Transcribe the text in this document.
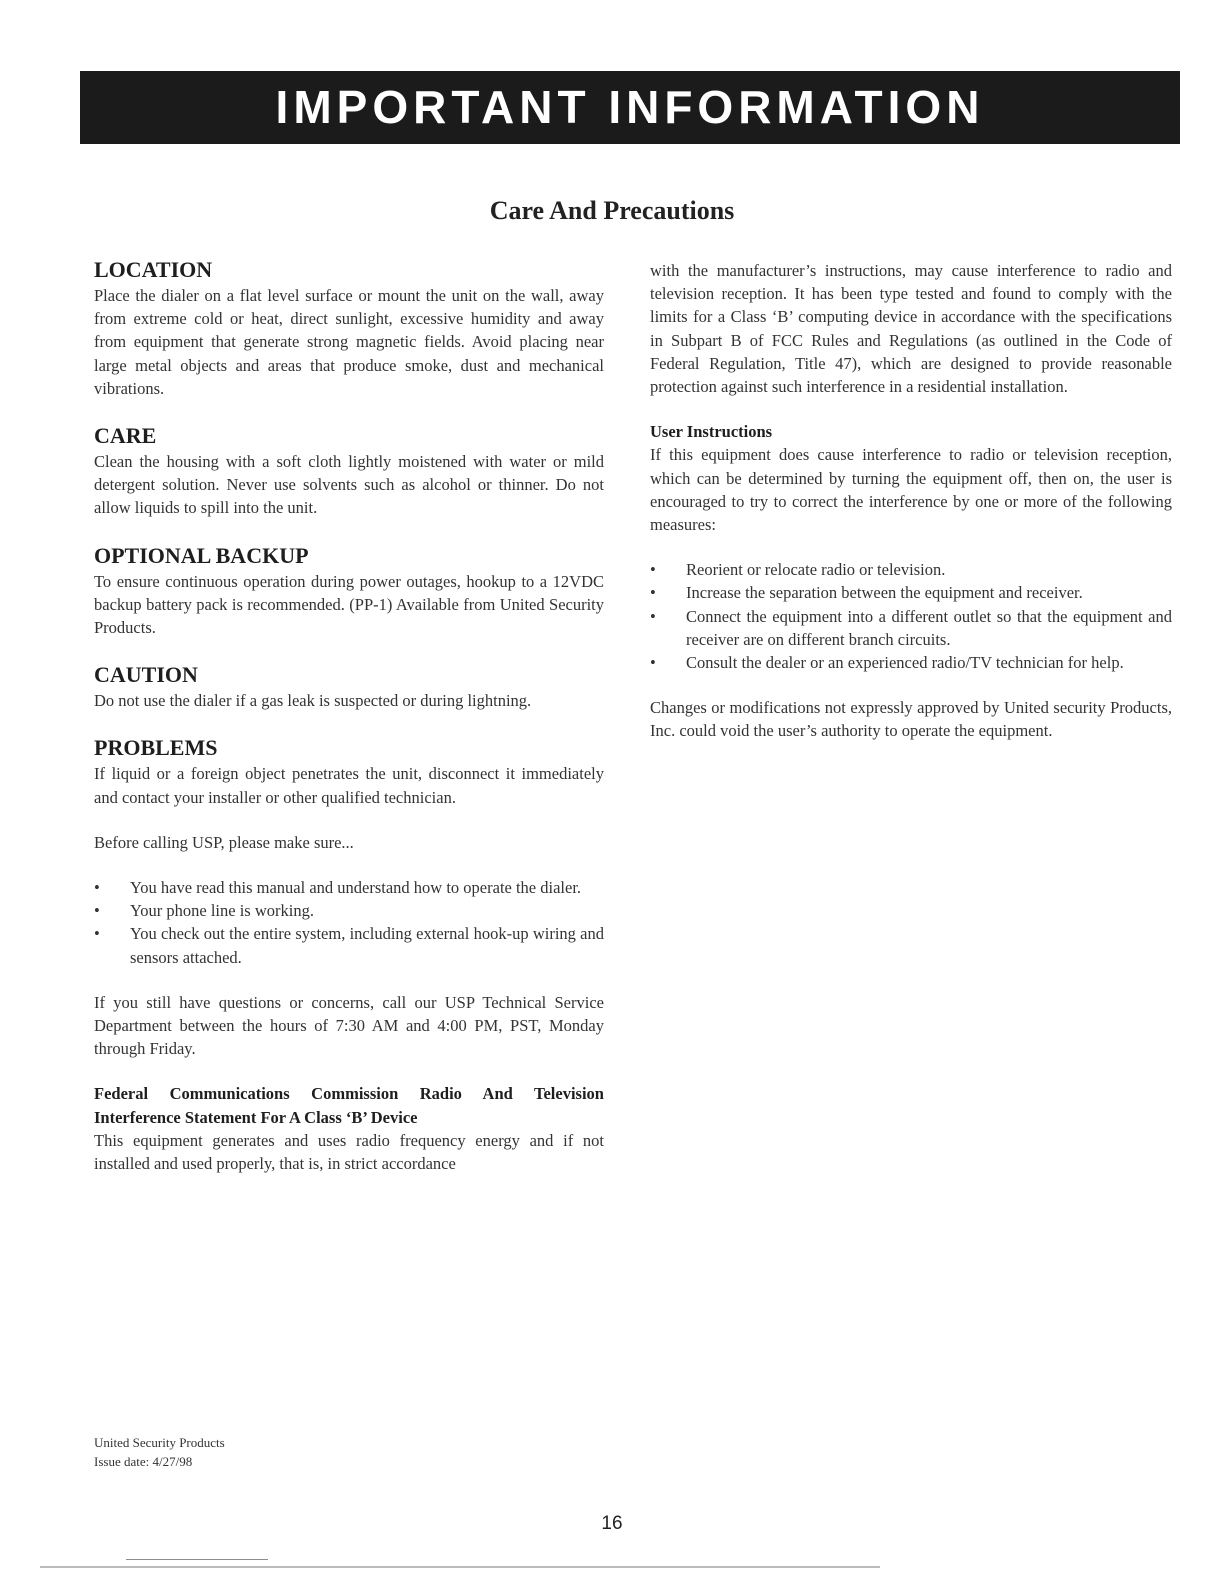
IMPORTANT INFORMATION
Care And Precautions
LOCATION

Place the dialer on a flat level surface or mount the unit on the wall, away from extreme cold or heat, direct sunlight, excessive humidity and away from equipment that generate strong magnetic fields. Avoid placing near large metal objects and areas that produce smoke, dust and mechanical vibrations.

CARE

Clean the housing with a soft cloth lightly moistened with water or mild detergent solution. Never use solvents such as alcohol or thinner. Do not allow liquids to spill into the unit.

OPTIONAL BACKUP

To ensure continuous operation during power outages, hookup to a 12VDC backup battery pack is recommended. (PP-1) Available from United Security Products.

CAUTION

Do not use the dialer if a gas leak is suspected or during lightning.

PROBLEMS

If liquid or a foreign object penetrates the unit, disconnect it immediately and contact your installer or other qualified technician.

Before calling USP, please make sure...

• You have read this manual and understand how to operate the dialer.
• Your phone line is working.
• You check out the entire system, including external hook-up wiring and sensors attached.

If you still have questions or concerns, call our USP Technical Service Department between the hours of 7:30 AM and 4:00 PM, PST, Monday through Friday.

Federal Communications Commission Radio And Television Interference Statement For A Class ‘B’ Device

This equipment generates and uses radio frequency energy and if not installed and used properly, that is, in strict accordance

with the manufacturer’s instructions, may cause interference to radio and television reception. It has been type tested and found to comply with the limits for a Class ‘B’ computing device in accordance with the specifications in Subpart B of FCC Rules and Regulations (as outlined in the Code of Federal Regulation, Title 47), which are designed to provide reasonable protection against such interference in a residential installation.

User Instructions

If this equipment does cause interference to radio or television reception, which can be determined by turning the equipment off, then on, the user is encouraged to try to correct the interference by one or more of the following measures:

• Reorient or relocate radio or television.
• Increase the separation between the equipment and receiver.
• Connect the equipment into a different outlet so that the equipment and receiver are on different branch circuits.
• Consult the dealer or an experienced radio/TV technician for help.

Changes or modifications not expressly approved by United security Products, Inc. could void the user’s authority to operate the equipment.

United Security Products
Issue date: 4/27/98
16
